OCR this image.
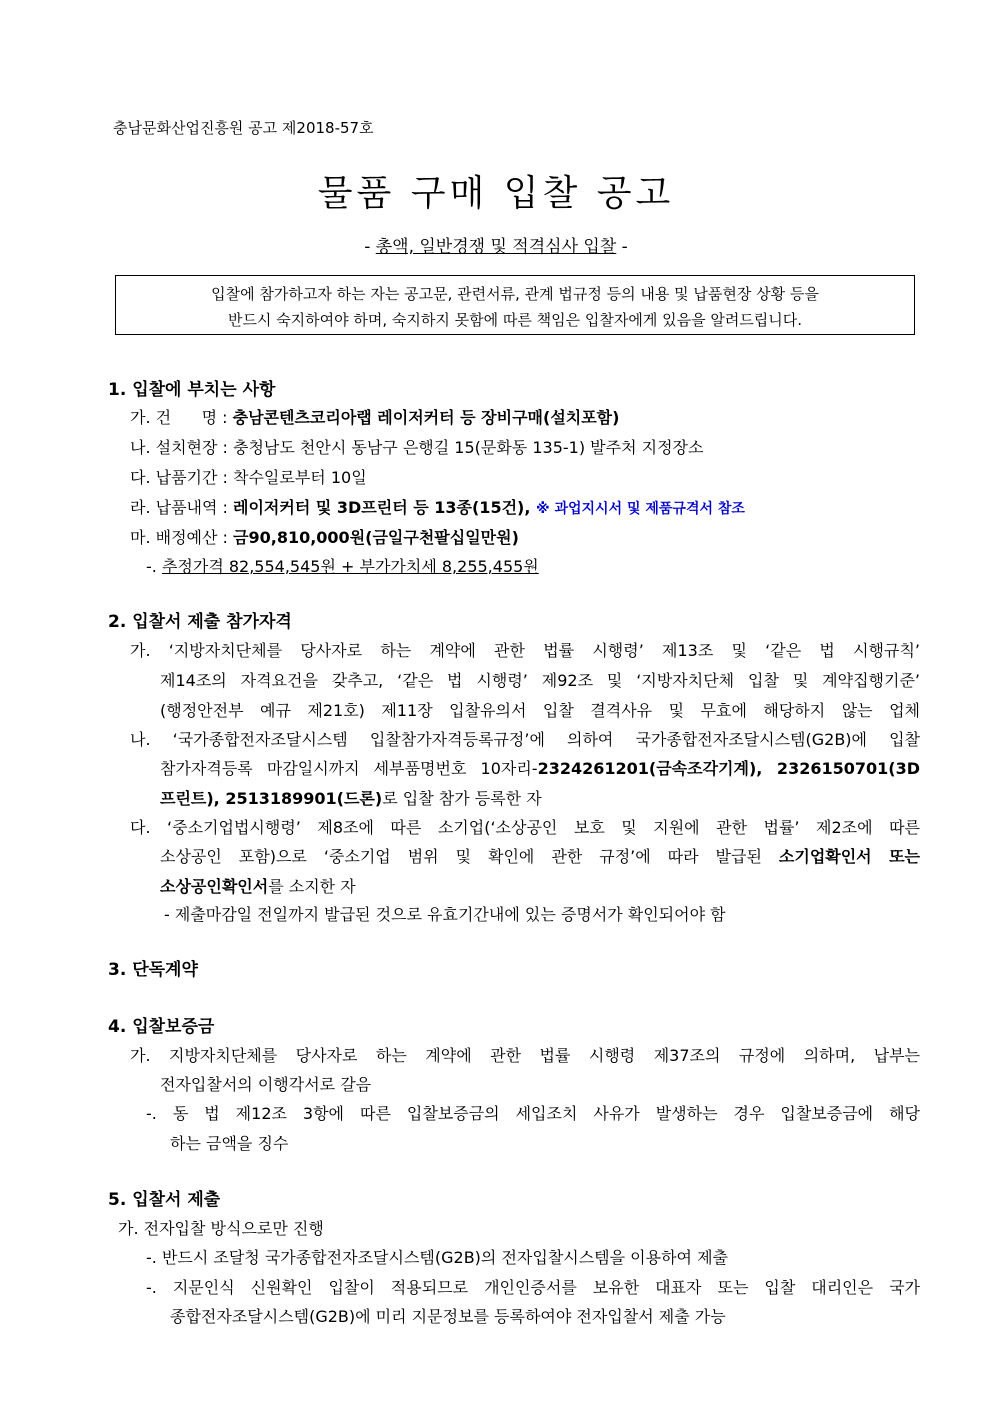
충남문화산업진흥원 공고 제2018-57호
물품 구매 입찰 공고
- 총액, 일반경쟁 및 적격심사 입찰 -
입찰에 참가하고자 하는 자는 공고문, 관련서류, 관계 법규정 등의 내용 및 납품현장 상황 등을
반드시 숙지하여야 하며, 숙지하지 못함에 따른 책임은 입찰자에게 있음을 알려드립니다.
1. 입찰에 부치는 사항
가. 건      명 : 충남콘텐츠코리아랩 레이저커터 등 장비구매(설치포함)
나. 설치현장 : 충청남도 천안시 동남구 은행길 15(문화동 135-1) 발주처 지정장소
다. 납품기간 : 착수일로부터 10일
라. 납품내역 : 레이저커터 및 3D프린터 등 13종(15건), ※ 과업지시서 및 제품규격서 참조
마. 배정예산 : 금90,810,000원(금일구천팔십일만원)
-. 추정가격 82,554,545원 + 부가가치세 8,255,455원
2. 입찰서 제출 참가자격
가. ‘지방자치단체를 당사자로 하는 계약에 관한 법률 시행령’ 제13조 및 ‘같은 법 시행규칙’
제14조의 자격요건을 갖추고, ‘같은 법 시행령’ 제92조 및 ‘지방자치단체 입찰 및 계약집행기준’
(행정안전부 예규 제21호) 제11장 입찰유의서 입찰 결격사유 및 무효에 해당하지 않는 업체
나. ‘국가종합전자조달시스템 입찰참가자격등록규정’에 의하여 국가종합전자조달시스템(G2B)에 입찰
참가자격등록 마감일시까지 세부품명번호 10자리-2324261201(금속조각기계), 2326150701(3D
프린트), 2513189901(드론)로 입찰 참가 등록한 자
다. ‘중소기업법시행령’ 제8조에 따른 소기업(‘소상공인 보호 및 지원에 관한 법률’ 제2조에 따른
소상공인 포함)으로 ‘중소기업 범위 및 확인에 관한 규정’에 따라 발급된 소기업확인서 또는
소상공인확인서를 소지한 자
- 제출마감일 전일까지 발급된 것으로 유효기간내에 있는 증명서가 확인되어야 함
3. 단독계약
4. 입찰보증금
가. 지방자치단체를 당사자로 하는 계약에 관한 법률 시행령 제37조의 규정에 의하며, 납부는
전자입찰서의 이행각서로 갈음
-. 동 법 제12조 3항에 따른 입찰보증금의 세입조치 사유가 발생하는 경우 입찰보증금에 해당
하는 금액을 징수
5. 입찰서 제출
가. 전자입찰 방식으로만 진행
-. 반드시 조달청 국가종합전자조달시스템(G2B)의 전자입찰시스템을 이용하여 제출
-. 지문인식 신원확인 입찰이 적용되므로 개인인증서를 보유한 대표자 또는 입찰 대리인은 국가
종합전자조달시스템(G2B)에 미리 지문정보를 등록하여야 전자입찰서 제출 가능
